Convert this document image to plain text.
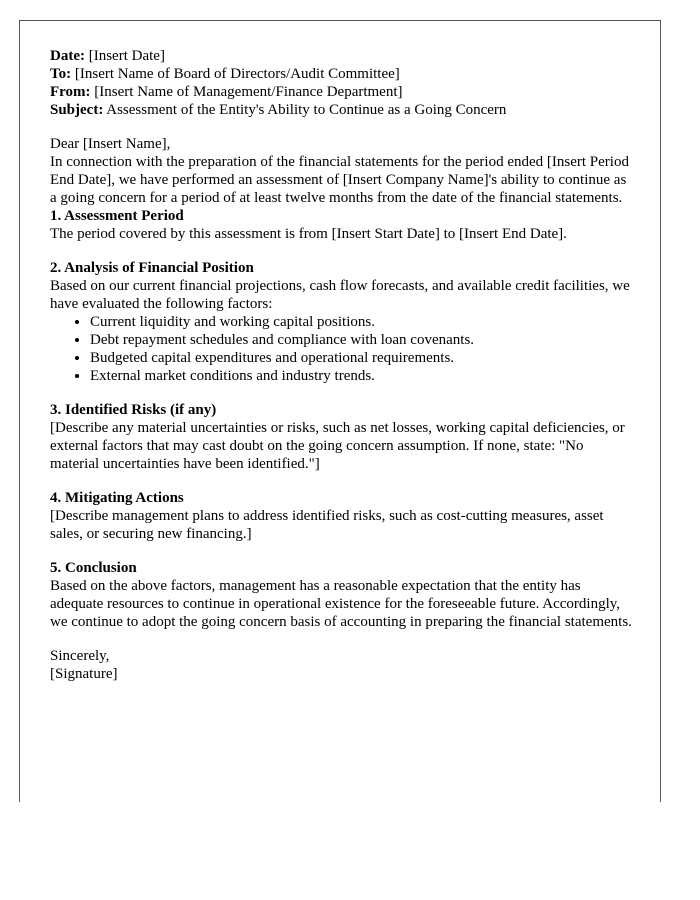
Date: [Insert Date]

To: [Insert Name of Board of Directors/Audit Committee]

From: [Insert Name of Management/Finance Department]

Subject: Assessment of the Entity's Ability to Continue as a Going Concern

Dear [Insert Name],

In connection with the preparation of the financial statements for the period ended [Insert Period End Date], we have performed an assessment of [Insert Company Name]'s ability to continue as a going concern for a period of at least twelve months from the date of the financial statements.

1. Assessment Period

The period covered by this assessment is from [Insert Start Date] to [Insert End Date].

2. Analysis of Financial Position

Based on our current financial projections, cash flow forecasts, and available credit facilities, we have evaluated the following factors:

• Current liquidity and working capital positions.
• Debt repayment schedules and compliance with loan covenants.
• Budgeted capital expenditures and operational requirements.
• External market conditions and industry trends.

3. Identified Risks (if any)

[Describe any material uncertainties or risks, such as net losses, working capital deficiencies, or external factors that may cast doubt on the going concern assumption. If none, state: "No material uncertainties have been identified."]

4. Mitigating Actions

[Describe management plans to address identified risks, such as cost-cutting measures, asset sales, or securing new financing.]

5. Conclusion

Based on the above factors, management has a reasonable expectation that the entity has adequate resources to continue in operational existence for the foreseeable future. Accordingly, we continue to adopt the going concern basis of accounting in preparing the financial statements.

Sincerely,

[Signature]
